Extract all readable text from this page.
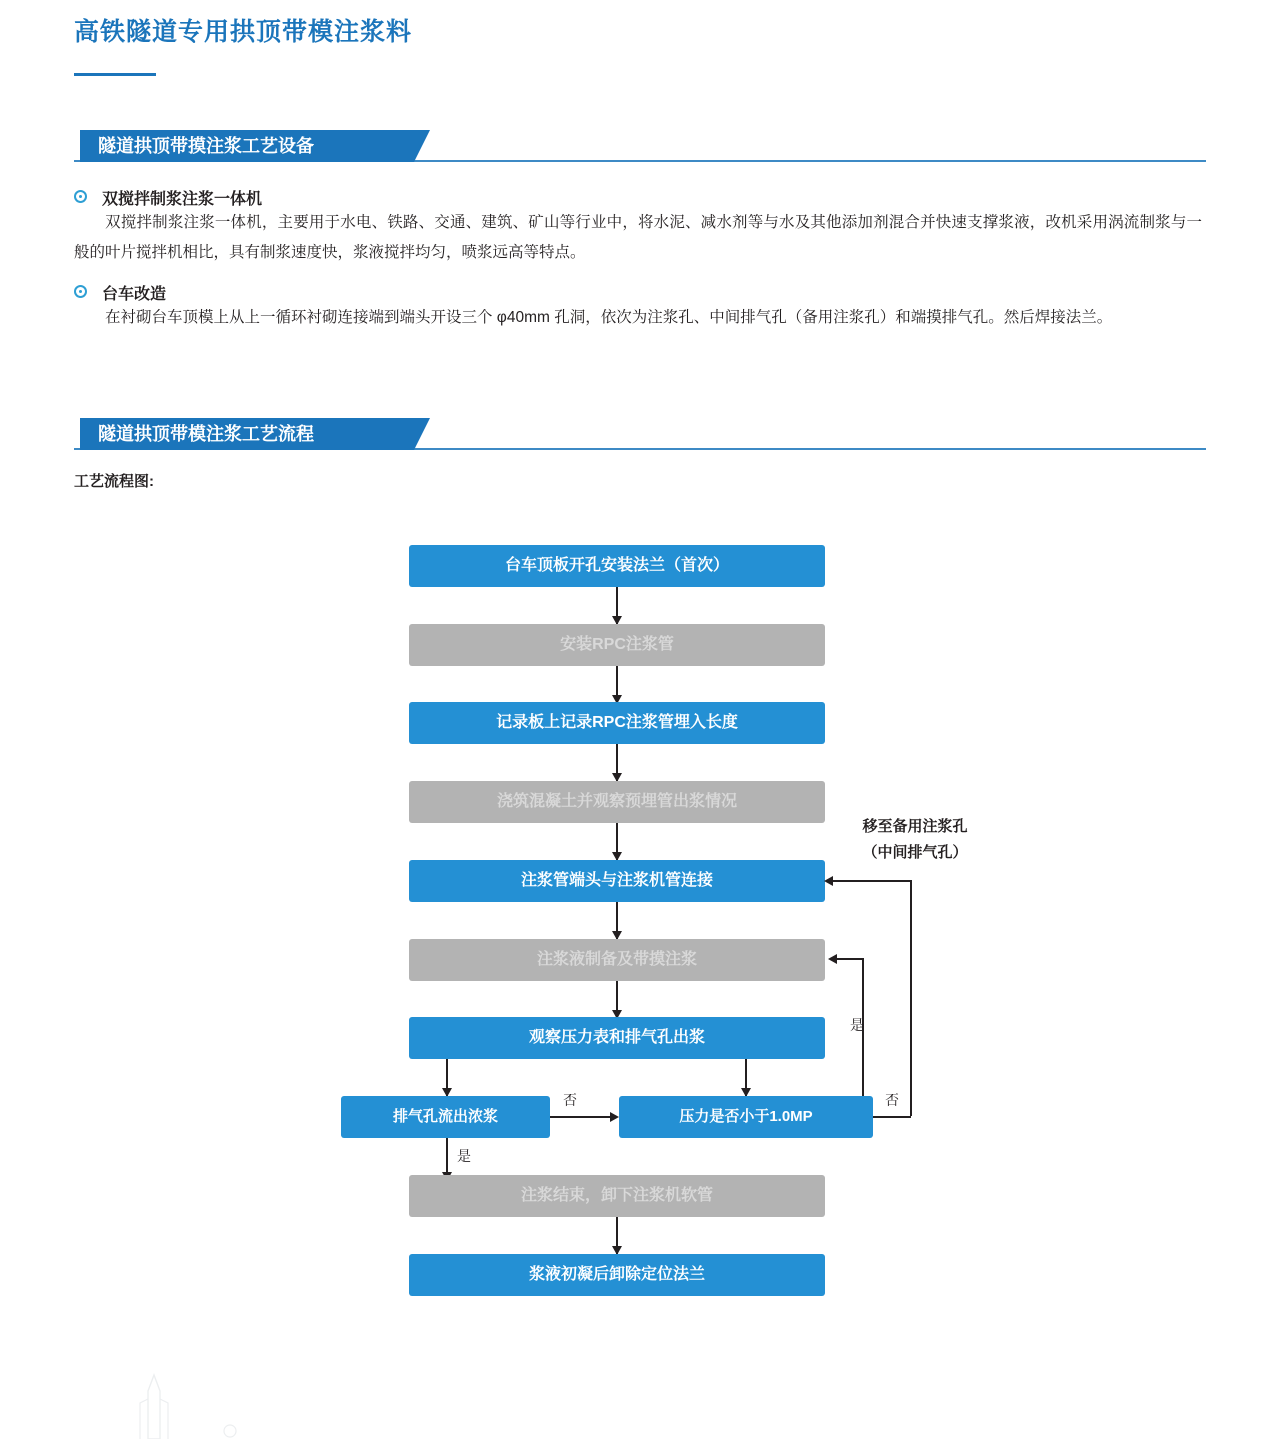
高铁隧道专用拱顶带模注浆料
隧道拱顶带摸注浆工艺设备
双搅拌制浆注浆一体机
双搅拌制浆注浆一体机，主要用于水电、铁路、交通、建筑、矿山等行业中，将水泥、减水剂等与水及其他添加剂混合并快速支撑浆液，改机采用涡流制浆与一般的叶片搅拌机相比，具有制浆速度快，浆液搅拌均匀，喷浆远高等特点。
台车改造
在衬砌台车顶模上从上一循环衬砌连接端到端头开设三个 φ40mm 孔洞，依次为注浆孔、中间排气孔（备用注浆孔）和端摸排气孔。然后焊接法兰。
隧道拱顶带模注浆工艺流程
工艺流程图:
台车顶板开孔安装法兰（首次）
安装RPC注浆管
记录板上记录RPC注浆管埋入长度
浇筑混凝土并观察预埋管出浆情况
注浆管端头与注浆机管连接
注浆液制备及带摸注浆
观察压力表和排气孔出浆
排气孔流出浓浆
否
压力是否小于1.0MP
是
否
移至备用注浆孔
（中间排气孔）
是
注浆结束，卸下注浆机软管
浆液初凝后卸除定位法兰
